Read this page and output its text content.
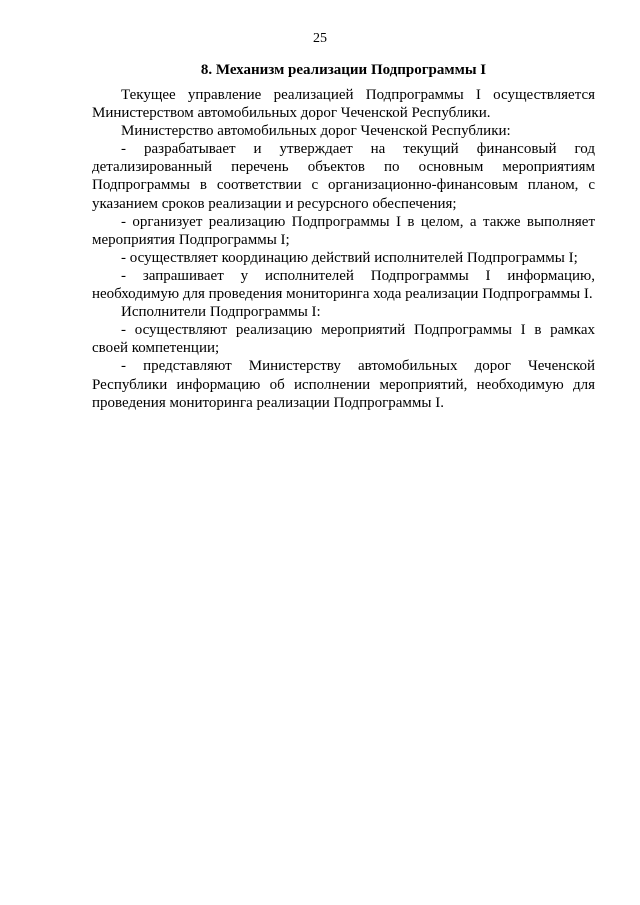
25
8. Механизм реализации Подпрограммы I

Текущее управление реализацией Подпрограммы I осуществляется Министерством автомобильных дорог Чеченской Республики.

Министерство автомобильных дорог Чеченской Республики:

- разрабатывает и утверждает на текущий финансовый год детализированный перечень объектов по основным мероприятиям Подпрограммы в соответствии с организационно-финансовым планом, с указанием сроков реализации и ресурсного обеспечения;

- организует реализацию Подпрограммы I в целом, а также выполняет мероприятия Подпрограммы I;

- осуществляет координацию действий исполнителей Подпрограммы I;

- запрашивает у исполнителей Подпрограммы I информацию, необходимую для проведения мониторинга хода реализации Подпрограммы I.

Исполнители Подпрограммы I:

- осуществляют реализацию мероприятий Подпрограммы I в рамках своей компетенции;

- представляют Министерству автомобильных дорог Чеченской Республики информацию об исполнении мероприятий, необходимую для проведения мониторинга реализации Подпрограммы I.
